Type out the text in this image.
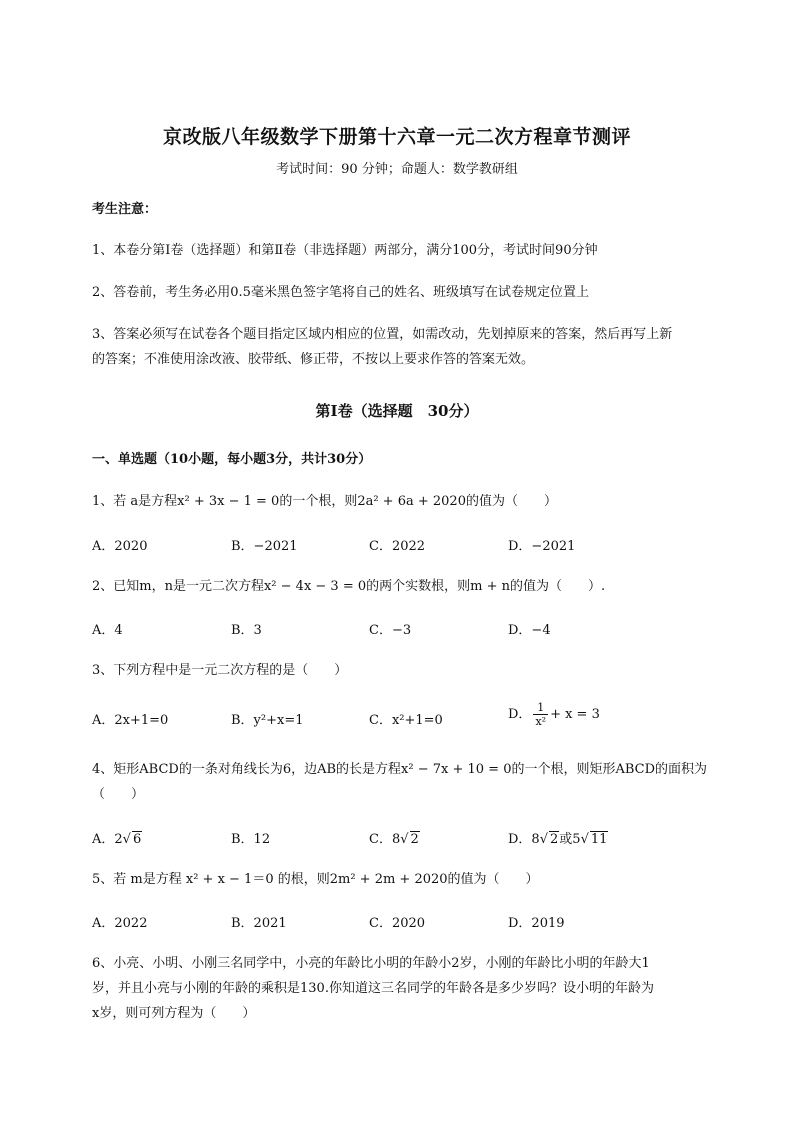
京改版八年级数学下册第十六章一元二次方程章节测评
考试时间：90 分钟；命题人：数学教研组
考生注意：
1、本卷分第I卷（选择题）和第Ⅱ卷（非选择题）两部分，满分100分，考试时间90分钟
2、答卷前，考生务必用0.5毫米黑色签字笔将自己的姓名、班级填写在试卷规定位置上
3、答案必须写在试卷各个题目指定区域内相应的位置，如需改动，先划掉原来的答案，然后再写上新
的答案；不准使用涂改液、胶带纸、修正带，不按以上要求作答的答案无效。
第I卷（选择题　30分）
一、单选题（10小题，每小题3分，共计30分）
1、若 a是方程x² + 3x − 1 = 0的一个根，则2a² + 6a + 2020的值为（　　）
A．2020	B．−2021	C．2022	D．−2021
2、已知m，n是一元二次方程x² − 4x − 3 = 0的两个实数根，则m + n的值为（　　）.
A．4	B．3	C．−3	D．−4
3、下列方程中是一元二次方程的是（　　）
A．2x+1=0	B．y²+x=1	C．x²+1=0	D． $\frac{1}{\text{x²}} + x = 3$
4、矩形ABCD的一条对角线长为6，边AB的长是方程x² − 7x + 10 = 0的一个根，则矩形ABCD的面积为
（　　）
A．2√ 6	B．12	C．8√ 2	D．8√ 2或5√ 11
5、若 m是方程 x² + x − 1＝0 的根，则2m² + 2m + 2020的值为（　　）
A．2022	B．2021	C．2020	D．2019
6、小亮、小明、小刚三名同学中，小亮的年龄比小明的年龄小2岁，小刚的年龄比小明的年龄大1
岁，并且小亮与小刚的年龄的乘积是130.你知道这三名同学的年龄各是多少岁吗？设小明的年龄为
x岁，则可列方程为（　　）
